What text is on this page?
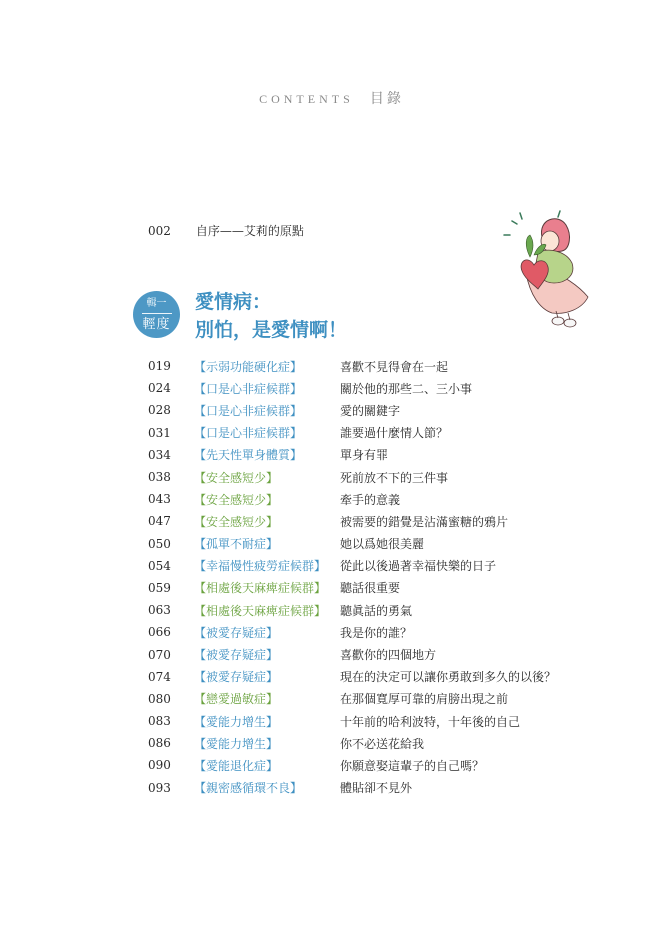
CONTENTS 目錄
002 自序——艾莉的原點
輯一
輕度
愛情病：
別怕，是愛情啊！
019	【示弱功能硬化症】	喜歡不見得會在一起
024	【口是心非症候群】	關於他的那些二、三小事
028	【口是心非症候群】	愛的關鍵字
031	【口是心非症候群】	誰要過什麼情人節？
034	【先天性單身體質】	單身有罪
038	【安全感短少】	死前放不下的三件事
043	【安全感短少】	牽手的意義
047	【安全感短少】	被需要的錯覺是沾滿蜜糖的鴉片
050	【孤單不耐症】	她以爲她很美麗
054	【幸福慢性疲勞症候群】	從此以後過著幸福快樂的日子
059	【相處後天麻痺症候群】	聽話很重要
063	【相處後天麻痺症候群】	聽眞話的勇氣
066	【被愛存疑症】	我是你的誰？
070	【被愛存疑症】	喜歡你的四個地方
074	【被愛存疑症】	現在的決定可以讓你勇敢到多久的以後？
080	【戀愛過敏症】	在那個寬厚可靠的肩膀出現之前
083	【愛能力增生】	十年前的哈利波特，十年後的自己
086	【愛能力增生】	你不必送花給我
090	【愛能退化症】	你願意娶這輩子的自己嗎？
093	【親密感循環不良】	體貼卻不見外
